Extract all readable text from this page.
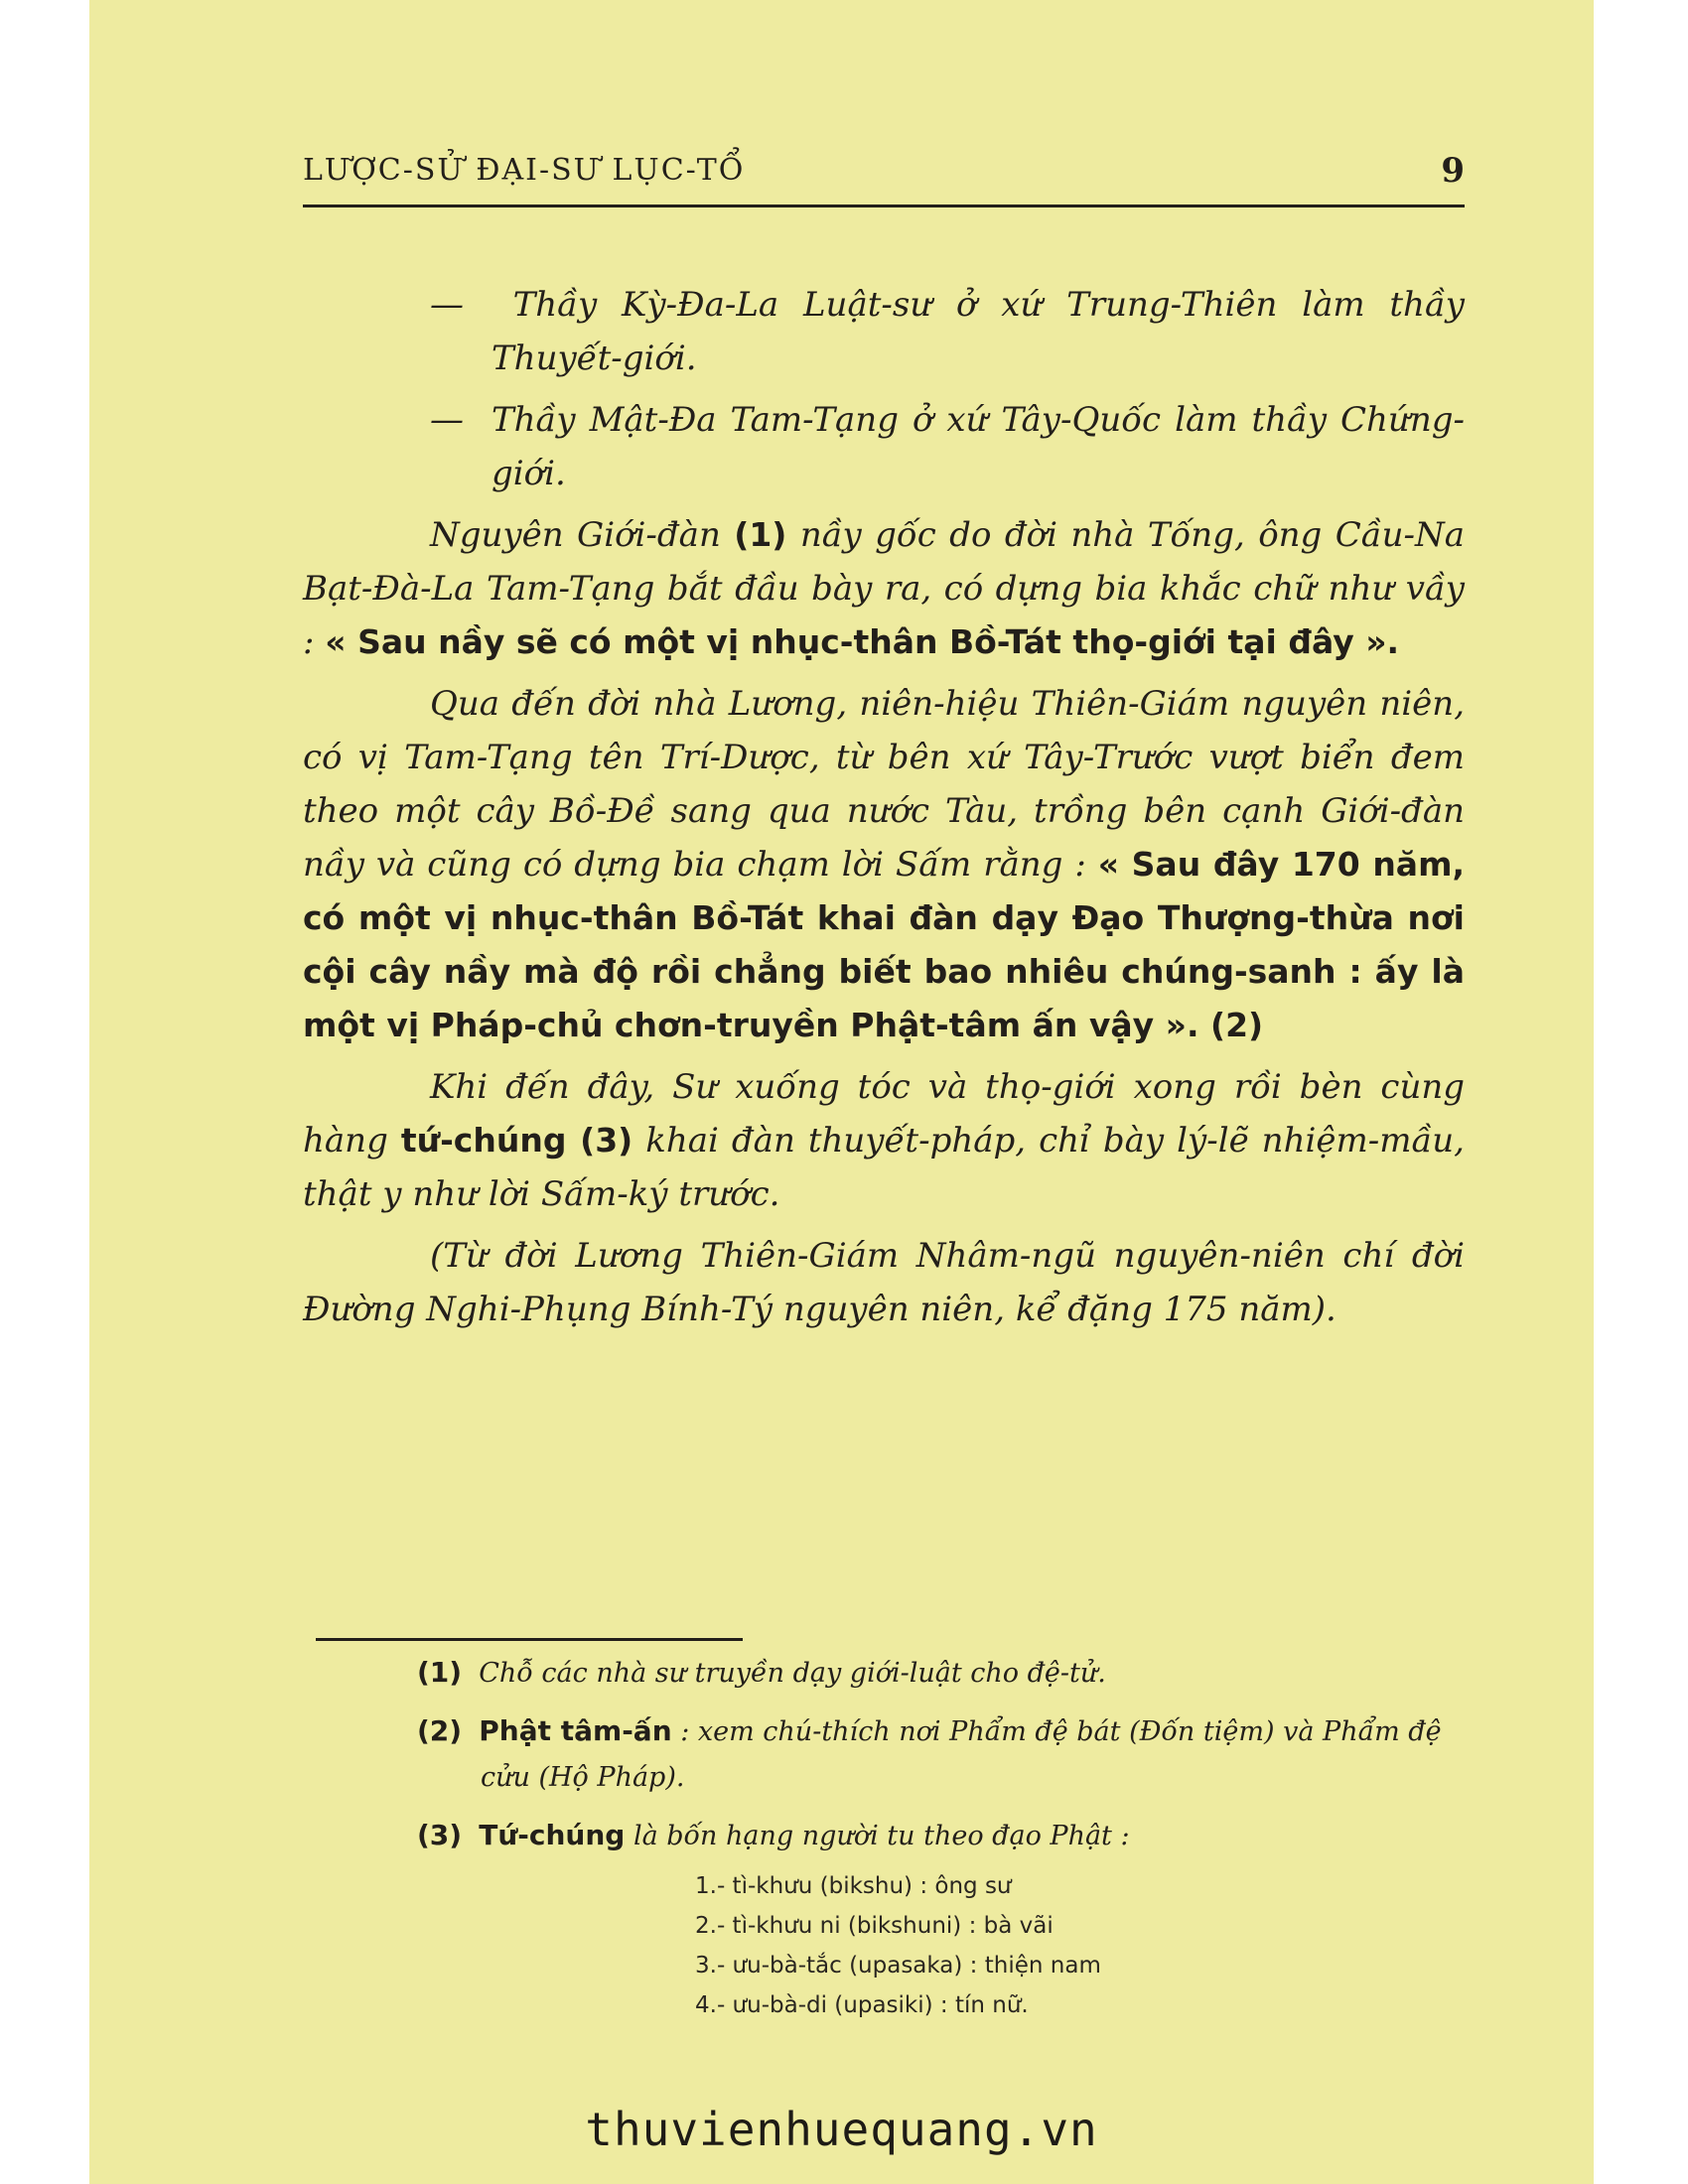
LƯỢC-SỬ ĐẠI-SƯ LỤC-TỔ	9

— Thầy Kỳ-Đa-La Luật-sư ở xứ Trung-Thiên làm thầy Thuyết-giới.

— Thầy Mật-Đa Tam-Tạng ở xứ Tây-Quốc làm thầy Chứng-giới.

Nguyên Giới-đàn (1) nầy gốc do đời nhà Tống, ông Cầu-Na Bạt-Đà-La Tam-Tạng bắt đầu bày ra, có dựng bia khắc chữ như vầy : « Sau nầy sẽ có một vị nhục-thân Bồ-Tát thọ-giới tại đây ».

Qua đến đời nhà Lương, niên-hiệu Thiên-Giám nguyên niên, có vị Tam-Tạng tên Trí-Dược, từ bên xứ Tây-Trước vượt biển đem theo một cây Bồ-Đề sang qua nước Tàu, trồng bên cạnh Giới-đàn nầy và cũng có dựng bia chạm lời Sấm rằng : « Sau đây 170 năm, có một vị nhục-thân Bồ-Tát khai đàn dạy Đạo Thượng-thừa nơi cội cây nầy mà độ rồi chẳng biết bao nhiêu chúng-sanh : ấy là một vị Pháp-chủ chơn-truyền Phật-tâm ấn vậy ». (2)

Khi đến đây, Sư xuống tóc và thọ-giới xong rồi bèn cùng hàng tứ-chúng (3) khai đàn thuyết-pháp, chỉ bày lý-lẽ nhiệm-mầu, thật y như lời Sấm-ký trước.

(Từ đời Lương Thiên-Giám Nhâm-ngũ nguyên-niên chí đời Đường Nghi-Phụng Bính-Tý nguyên niên, kể đặng 175 năm).

(1) Chỗ các nhà sư truyền dạy giới-luật cho đệ-tử.

(2) Phật tâm-ấn : xem chú-thích nơi Phẩm đệ bát (Đốn tiệm) và Phẩm đệ cửu (Hộ Pháp).

(3) Tứ-chúng là bốn hạng người tu theo đạo Phật :

1.- tì-khưu (bikshu) : ông sư
2.- tì-khưu ni (bikshuni) : bà vãi
3.- ưu-bà-tắc (upasaka) : thiện nam
4.- ưu-bà-di (upasiki) : tín nữ.
thuvienhuequang.vn
